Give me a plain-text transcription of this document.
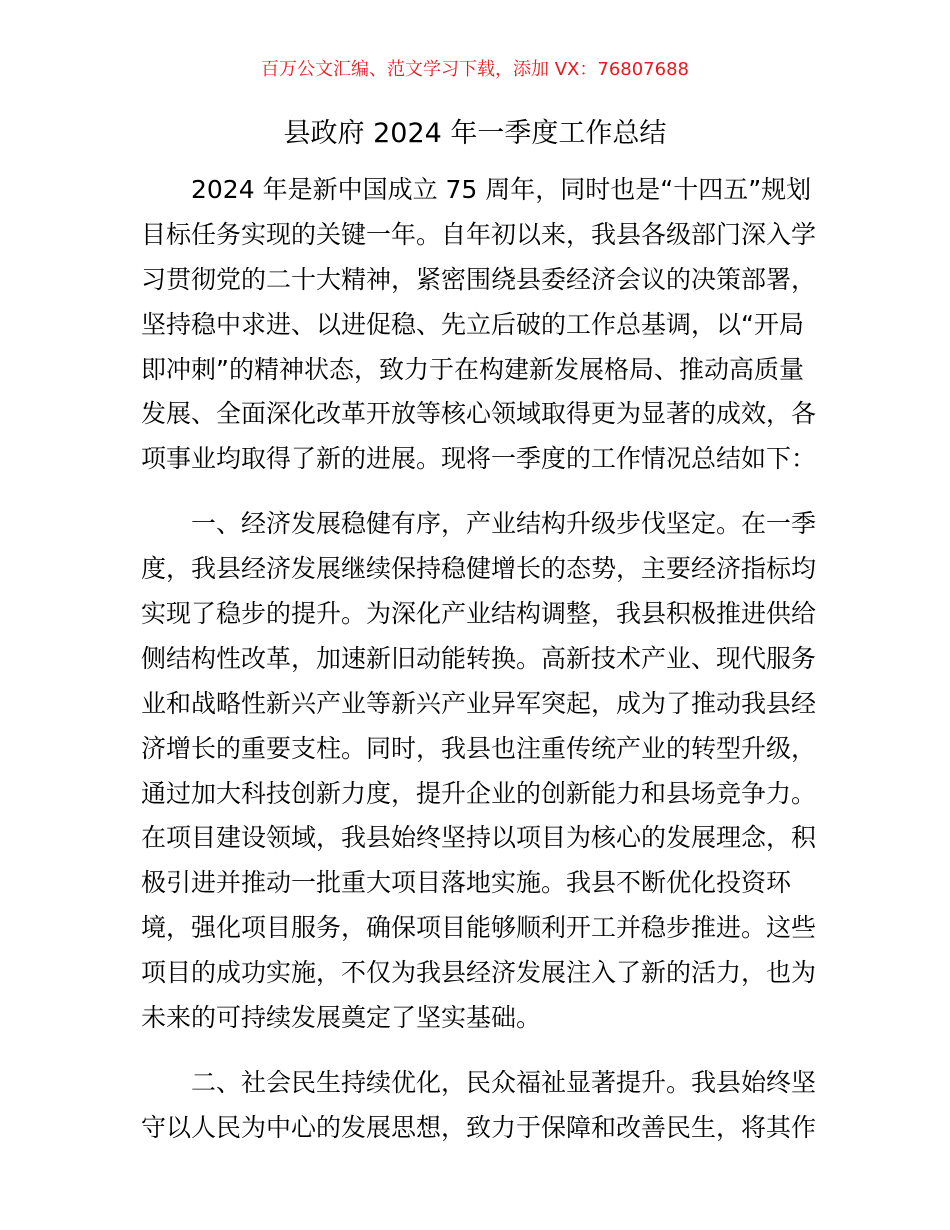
百万公文汇编、范文学习下载，添加 VX：76807688
县政府 2024 年一季度工作总结
2024 年是新中国成立 75 周年，同时也是“十四五”规划
目标任务实现的关键一年。自年初以来，我县各级部门深入学
习贯彻党的二十大精神，紧密围绕县委经济会议的决策部署，
坚持稳中求进、以进促稳、先立后破的工作总基调，以“开局
即冲刺”的精神状态，致力于在构建新发展格局、推动高质量
发展、全面深化改革开放等核心领域取得更为显著的成效，各
项事业均取得了新的进展。现将一季度的工作情况总结如下：
一、经济发展稳健有序，产业结构升级步伐坚定。在一季
度，我县经济发展继续保持稳健增长的态势，主要经济指标均
实现了稳步的提升。为深化产业结构调整，我县积极推进供给
侧结构性改革，加速新旧动能转换。高新技术产业、现代服务
业和战略性新兴产业等新兴产业异军突起，成为了推动我县经
济增长的重要支柱。同时，我县也注重传统产业的转型升级，
通过加大科技创新力度，提升企业的创新能力和县场竞争力。
在项目建设领域，我县始终坚持以项目为核心的发展理念，积
极引进并推动一批重大项目落地实施。我县不断优化投资环
境，强化项目服务，确保项目能够顺利开工并稳步推进。这些
项目的成功实施，不仅为我县经济发展注入了新的活力，也为
未来的可持续发展奠定了坚实基础。
二、社会民生持续优化，民众福祉显著提升。我县始终坚
守以人民为中心的发展思想，致力于保障和改善民生，将其作
